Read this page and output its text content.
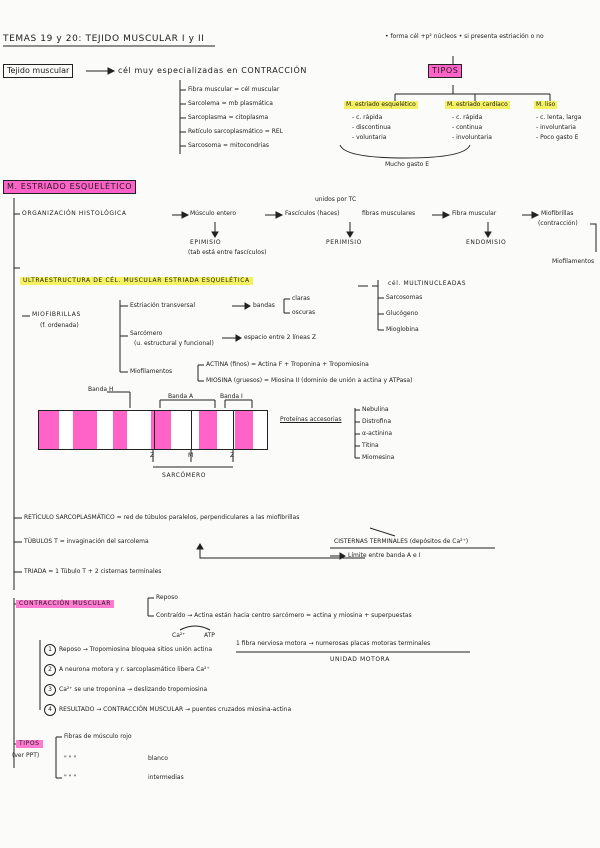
TEMAS 19 y 20: TEJIDO MUSCULAR I y II	• forma cél +p² núcleos • si presenta estriación o no
Tejido muscular	cél muy especializadas en CONTRACCIÓN
Fibra muscular = cél muscular
Sarcolema = mb plasmática
Sarcoplasma = citoplasma
Retículo sarcoplasmático = REL
Sarcosoma = mitocondrias
TIPOS
M. estriado esquelético
- c. rápida
- discontinua
- voluntaria
M. estriado cardíaco
- c. rápida
- continua
- involuntaria
M. liso
- c. lenta, larga
- involuntaria
- Poco gasto E
Mucho gasto E
M. ESTRIADO ESQUELÉTICO
unidos por TC
ORGANIZACIÓN HISTOLÓGICA	Músculo entero	Fascículos (haces)	fibras musculares	Fibra muscular	Miofibrillas
(contracción)
Miofilamentos
EPIMISIO
(tab está entre fascículos)
PERIMISIO	ENDOMISIO
ULTRAESTRUCTURA DE CÉL. MUSCULAR ESTRIADA ESQUELÉTICA	cél. MULTINUCLEADAS
Sarcosomas
Glucógeno
Mioglobina
MIOFIBRILLAS
(f. ordenada)
Estriación transversal	bandas
claras
oscuras
Sarcómero
(u. estructural y funcional)
espacio entre 2 líneas Z
Miofilamentos
ACTINA (finos) = Actina F + Troponina + Tropomiosina
MIOSINA (gruesos) = Miosina II (dominio de unión a actina y ATPasa)
Banda H
Banda A	Banda I
Z	M	Z
SARCÓMERO
Proteínas accesorias
Nebulina
Distrofina
α-actinina
Titina
Miomesina
RETÍCULO SARCOPLASMÁTICO = red de túbulos paralelos, perpendiculares a las miofibrillas
CISTERNAS TERMINALES (depósitos de Ca²⁺)
TÚBULOS T = invaginación del sarcolema
Límite entre banda A e I
TRIADA = 1 Túbulo T + 2 cisternas terminales
CONTRACCIÓN MUSCULAR
Reposo
Contraído → Actina están hacia centro sarcómero = actina y miosina + superpuestas
Ca²⁺	ATP
1 fibra nerviosa motora → numerosas placas motoras terminales
UNIDAD MOTORA
1 Reposo → Tropomiosina bloquea sitios unión actina
2 A neurona motora y r. sarcoplasmático libera Ca²⁺
3 Ca²⁺ se une troponina → deslizando tropomiosina
4 RESULTADO → CONTRACCIÓN MUSCULAR → puentes cruzados miosina-actina
TIPOS
(ver PPT)
Fibras de músculo rojo
" " "	blanco
" " "	intermedias
